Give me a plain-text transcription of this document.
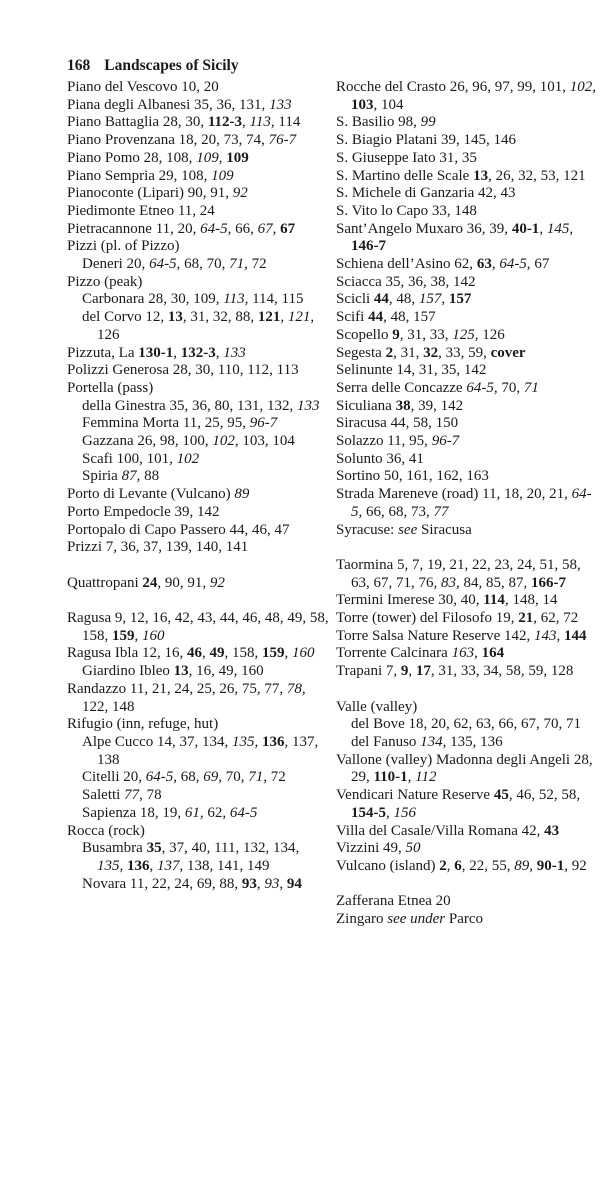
168 Landscapes of Sicily
Piano del Vescovo 10, 20
Piana degli Albanesi 35, 36, 131, 133
Piano Battaglia 28, 30, 112-3, 113, 114
Piano Provenzana 18, 20, 73, 74, 76-7
Piano Pomo 28, 108, 109, 109
Piano Sempria 29, 108, 109
Pianoconte (Lipari) 90, 91, 92
Piedimonte Etneo 11, 24
Pietracannone 11, 20, 64-5, 66, 67, 67
Pizzi (pl. of Pizzo)
Deneri 20, 64-5, 68, 70, 71, 72
Pizzo (peak)
Carbonara 28, 30, 109, 113, 114, 115
del Corvo 12, 13, 31, 32, 88, 121, 121, 126
Pizzuta, La 130-1, 132-3, 133
Polizzi Generosa 28, 30, 110, 112, 113
Portella (pass)
della Ginestra 35, 36, 80, 131, 132, 133
Femmina Morta 11, 25, 95, 96-7
Gazzana 26, 98, 100, 102, 103, 104
Scafi 100, 101, 102
Spiria 87, 88
Porto di Levante (Vulcano) 89
Porto Empedocle 39, 142
Portopalo di Capo Passero 44, 46, 47
Prizzi 7, 36, 37, 139, 140, 141
Quattropani 24, 90, 91, 92
Ragusa 9, 12, 16, 42, 43, 44, 46, 48, 49, 58, 158, 159, 160
Ragusa Ibla 12, 16, 46, 49, 158, 159, 160
Giardino Ibleo 13, 16, 49, 160
Randazzo 11, 21, 24, 25, 26, 75, 77, 78, 122, 148
Rifugio (inn, refuge, hut)
Alpe Cucco 14, 37, 134, 135, 136, 137, 138
Citelli 20, 64-5, 68, 69, 70, 71, 72
Saletti 77, 78
Sapienza 18, 19, 61, 62, 64-5
Rocca (rock)
Busambra 35, 37, 40, 111, 132, 134, 135, 136, 137, 138, 141, 149
Novara 11, 22, 24, 69, 88, 93, 93, 94
Rocche del Crasto 26, 96, 97, 99, 101, 102, 103, 104
S. Basilio 98, 99
S. Biagio Platani 39, 145, 146
S. Giuseppe Iato 31, 35
S. Martino delle Scale 13, 26, 32, 53, 121
S. Michele di Ganzaria 42, 43
S. Vito lo Capo 33, 148
Sant’Angelo Muxaro 36, 39, 40-1, 145, 146-7
Schiena dell’Asino 62, 63, 64-5, 67
Sciacca 35, 36, 38, 142
Scicli 44, 48, 157, 157
Scifi 44, 48, 157
Scopello 9, 31, 33, 125, 126
Segesta 2, 31, 32, 33, 59, cover
Selinunte 14, 31, 35, 142
Serra delle Concazze 64-5, 70, 71
Siculiana 38, 39, 142
Siracusa 44, 58, 150
Solazzo 11, 95, 96-7
Solunto 36, 41
Sortino 50, 161, 162, 163
Strada Mareneve (road) 11, 18, 20, 21, 64-5, 66, 68, 73, 77
Syracuse: see Siracusa
Taormina 5, 7, 19, 21, 22, 23, 24, 51, 58, 63, 67, 71, 76, 83, 84, 85, 87, 166-7
Termini Imerese 30, 40, 114, 148, 14
Torre (tower) del Filosofo 19, 21, 62, 72
Torre Salsa Nature Reserve 142, 143, 144
Torrente Calcinara 163, 164
Trapani 7, 9, 17, 31, 33, 34, 58, 59, 128
Valle (valley)
del Bove 18, 20, 62, 63, 66, 67, 70, 71
del Fanuso 134, 135, 136
Vallone (valley) Madonna degli Angeli 28, 29, 110-1, 112
Vendicari Nature Reserve 45, 46, 52, 58, 154-5, 156
Villa del Casale/Villa Romana 42, 43
Vizzini 49, 50
Vulcano (island) 2, 6, 22, 55, 89, 90-1, 92
Zafferana Etnea 20
Zingaro see under Parco
